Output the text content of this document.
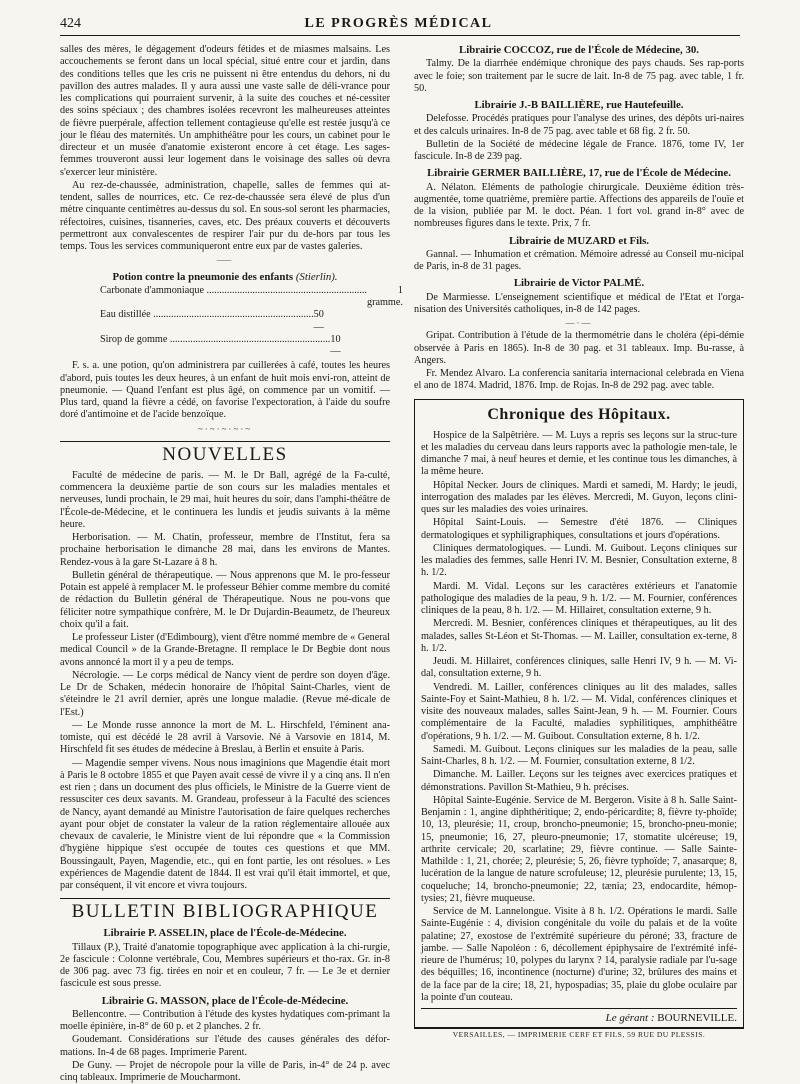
424	LE PROGRÈS MÉDICAL

salles des mères, le dégagement d'odeurs fétides et de miasmes malsains. Les accouchements se feront dans un local spécial, situé entre cour et jardin, dans des conditions telles que les cris ne puissent ni être entendus du dehors, ni du pavillon des autres malades. Il y aura aussi une vaste salle de déli-vrance pour les complications qui pourraient survenir, à la suite des couches et né-cessiter des soins spéciaux ; des chambres isolées recevront les malheureuses atteintes de fièvre puerpérale, affection tellement contagieuse qu'elle est restée jusqu'à ce jour le fléau des maternités. Un amphithéâtre pour les cours, un cabinet pour le directeur et un musée d'anatomie existeront encore à cet étage. Les sages-femmes trouveront aussi leur logement dans le voisinage des salles où devra s'exercer leur ministère.

Au rez-de-chaussée, administration, chapelle, salles de femmes qui at-tendent, salles de nourrices, etc. Ce rez-de-chaussée sera élevé de plus d'un mètre cinquante centimètres au-dessus du sol. En sous-sol seront les pharmacies, réfectoires, cuisines, tisanneries, caves, etc. Des préaux couverts et découverts permettront aux convalescentes de respirer l'air pur du de-hors par tous les temps. Tous les services communiqueront entre eux par de vastes galeries.

⸺
Potion contre la pneumonie des enfants (Stierlin).
Carbonate d'ammoniaque .....	1 gramme.
Eau distillée .....	50 —
Sirop de gomme .....	10 —

F. s. a. une potion, qu'on administrera par cuillerées à café, toutes les heures d'abord, puis toutes les deux heures, à un enfant de huit mois envi-ron, atteint de pneumonie. — Quand l'enfant est plus âgé, on commence par un vomitif. — Plus tard, quand la fièvre a cédé, on favorise l'expectoration, à l'aide du soufre doré d'antimoine et de l'acide benzoïque.

~·~·~·~·~
NOUVELLES

Faculté de médecine de paris. — M. le Dr Ball, agrégé de la Fa-culté, commencera la deuxième partie de son cours sur les maladies mentales et nerveuses, lundi prochain, le 29 mai, huit heures du soir, dans l'amphi-théâtre de l'École-de-Médecine, et le continuera les lundis et jeudis suivants à la même heure.

Herborisation. — M. Chatin, professeur, membre de l'Institut, fera sa prochaine herborisation le dimanche 28 mai, dans les environs de Mantes. Rendez-vous à la gare St-Lazare à 8 h.

Bulletin général de thérapeutique. — Nous apprenons que M. le pro-fesseur Potain est appelé à remplacer M. le professeur Béhier comme membre du comité de rédaction du Bulletin général de Thérapeutique. Nous ne pou-vons que féliciter notre sympathique confrère, M. le Dr Dujardin-Beaumetz, de l'heureux choix qu'il a fait.

Le professeur Lister (d'Edimbourg), vient d'être nommé membre de « General medical Council » de la Grande-Bretagne. Il remplace le Dr Begbie dont nous avons annoncé la mort il y a peu de temps.

Nécrologie. — Le corps médical de Nancy vient de perdre son doyen d'âge. Le Dr de Schaken, médecin honoraire de l'hôpital Saint-Charles, vient de s'éteindre le 21 avril dernier, après une longue maladie. (Revue mé-dicale de l'Est.)

— Le Monde russe annonce la mort de M. L. Hirschfeld, l'éminent ana-tomiste, qui est décédé le 28 avril à Varsovie. Né à Varsovie en 1814, M. Hirschfeld fit ses études de médecine à Breslau, à Berlin et ensuite à Paris.

— Magendie semper vivens. Nous nous imaginions que Magendie était mort à Paris le 8 octobre 1855 et que Payen avait cessé de vivre il y a cinq ans. Il n'en est rien ; dans un document des plus officiels, le Ministre de la Guerre vient de ressusciter ces deux savants. M. Grandeau, professeur à la Faculté des sciences de Nancy, ayant demandé au Ministre l'autorisation de faire quelques recherches ayant pour objet de constater la valeur de la ration réglementaire allouée aux chevaux de cavalerie, le Ministre vient de lui répondre que « la Commission d'hygiène hippique s'est occupée de toutes ces questions et que MM. Boussingault, Payen, Magendie, etc., qui en font partie, les ont résolues. » Les expériences de Magendie datent de 1844. Il est vrai qu'il était immortel, et que, par conséquent, il vit encore et vivra toujours.

BULLETIN BIBLIOGRAPHIQUE
Librairie P. ASSELIN, place de l'École-de-Médecine.

Tillaux (P.), Traité d'anatomie topographique avec application à la chi-rurgie, 2e fascicule : Colonne vertébrale, Cou, Membres supérieurs et tho-rax. Gr. in-8 de 306 pag. avec 73 fig. tirées en noir et en couleur, 7 fr. — Le 3e et dernier fascicule est sous presse.

Librairie G. MASSON, place de l'École-de-Médecine.

Bellencontre. — Contribution à l'étude des kystes hydatiques com-primant la moelle épinière, in-8° de 60 p. et 2 planches. 2 fr.

Goudemant. Considérations sur l'étude des causes générales des défor-mations. In-4 de 68 pages. Imprimerie Parent.

De Guny. — Projet de nécropole pour la ville de Paris, in-4° de 24 p. avec cinq tableaux. Imprimerie de Moucharmont.

Librairie COCCOZ, rue de l'École de Médecine, 30.

Talmy. De la diarrhée endémique chronique des pays chauds. Ses rap-ports avec le foie; son traitement par le sucre de lait. In-8 de 75 pag. avec table, 1 fr. 50.

Librairie J.-B BAILLIÈRE, rue Hautefeuille.

Delefosse. Procédés pratiques pour l'analyse des urines, des dépôts uri-naires et des calculs urinaires. In-8 de 75 pag. avec table et 68 fig. 2 fr. 50.

Bulletin de la Société de médecine légale de France. 1876, tome IV, 1er fascicule. In-8 de 239 pag.

Librairie GERMER BAILLIÈRE, 17, rue de l'École de Médecine.

A. Nélaton. Eléments de pathologie chirurgicale. Deuxième édition très-augmentée, tome quatrième, première partie. Affections des appareils de l'ouïe et de la vision, publiée par M. le doct. Péan. 1 fort vol. grand in-8° avec de nombreuses figures dans le texte. Prix, 7 fr.

Librairie de MUZARD et Fils.

Gannal. — Inhumation et crémation. Mémoire adressé au Conseil mu-nicipal de Paris, in-8 de 31 pages.

Librairie de Victor PALMÉ.

De Marmiesse. L'enseignement scientifique et médical de l'Etat et l'orga-nisation des Universités catholiques, in-8 de 142 pages.

—·—

Gripat. Contribution à l'étude de la thermométrie dans le choléra (épi-démie observée à Paris en 1865). In-8 de 30 pag. et 31 tableaux. Imp. Bu-rasse, à Angers.

Fr. Mendez Alvaro. La conferencia sanitaria internacional celebrada en Viena el ano de 1874. Madrid, 1876. Imp. de Rojas. In-8 de 292 pag. avec table.

Chronique des Hôpitaux.

Hospice de la Salpêtrière. — M. Luys a repris ses leçons sur la struc-ture et les maladies du cerveau dans leurs rapports avec la pathologie men-tale, le dimanche 7 mai, à neuf heures et demie, et les continue tous les dimanches, à la même heure.

Hôpital Necker. Jours de cliniques. Mardi et samedi, M. Hardy; le jeudi, interrogation des malades par les élèves. Mercredi, M. Guyon, leçons clini-ques sur les maladies des voies urinaires.

Hôpital Saint-Louis. — Semestre d'été 1876. — Cliniques dermatologiques et syphiligraphiques, consultations et jours d'opérations.

Cliniques dermatologiques. — Lundi. M. Guibout. Leçons cliniques sur les maladies des femmes, salle Henri IV. M. Besnier, Consultation externe, 8 h. 1/2.

Mardi. M. Vidal. Leçons sur les caractères extérieurs et l'anatomie pathologique des maladies de la peau, 9 h. 1/2. — M. Fournier, conférences cliniques de la peau, 8 h. 1/2. — M. Hillairet, consultation externe, 9 h.

Mercredi. M. Besnier, conférences cliniques et thérapeutiques, au lit des malades, salles St-Léon et St-Thomas. — M. Lailler, consultation ex-terne, 8 h. 1/2.

Jeudi. M. Hillairet, conférences cliniques, salle Henri IV, 9 h. — M. Vi-dal, consultation externe, 9 h.

Vendredi. M. Lailler, conférences cliniques au lit des malades, salles Sainte-Foy et Saint-Mathieu, 8 h. 1/2. — M. Vidal, conférences cliniques et visite des nouveaux malades, salles Saint-Jean, 9 h. — M. Fournier. Cours complémentaire de la Faculté, maladies syphilitiques, amphithéâtre d'opérations, 9 h. 1/2. — M. Guibout. Consultation externe, 8 h. 1/2.

Samedi. M. Guibout. Leçons cliniques sur les maladies de la peau, salle Saint-Charles, 8 h. 1/2. — M. Fournier, consultation externe, 8 1/2.

Dimanche. M. Lailler. Leçons sur les teignes avec exercices pratiques et démonstrations. Pavillon St-Mathieu, 9 h. précises.

Hôpital Sainte-Eugénie. Service de M. Bergeron. Visite à 8 h. Salle Saint-Benjamin : 1, angine diphthéritique; 2, endo-péricardite; 8, fièvre ty-phoïde; 10, 13, pleurésie; 11, croup, broncho-pneumonie; 15, broncho-pneu-monie; 15, pneumonie; 16, 27, pleuro-pneumonie; 17, stomatite ulcéreuse; 19, arthrite cervicale; 20, scarlatine; 29, fièvre continue. — Salle Sainte-Mathilde : 1, 21, chorée; 2, pleurésie; 5, 26, fièvre typhoïde; 7, anasarque; 8, lucération de la langue de nature scrofuleuse; 12, pleurésie purulente; 13, 15, coqueluche; 14, broncho-pneumonie; 22, tænia; 23, endocardite, hémop-tysies; 21, fièvre muqueuse.

Service de M. Lannelongue. Visite à 8 h. 1/2. Opérations le mardi. Salle Sainte-Eugénie : 4, division congénitale du voile du palais et de la voûte palatine; 27, exostose de l'extrémité supérieure du péroné; 33, fracture de jambe. — Salle Napoléon : 6, décollement épiphysaire de l'extrémité infé-rieure de l'humérus; 10, polypes du larynx ? 14, paralysie radiale par l'u-sage des béquilles; 16, incontinence (nocturne) d'urine; 32, brûlures des mains et de la face par de la cire; 18, 21, hypospadias; 35, plaie du globe oculaire par la pointe d'un couteau.

Le gérant : BOURNEVILLE.
VERSAILLES, — IMPRIMERIE CERF ET FILS, 59 RUE DU PLESSIS.
